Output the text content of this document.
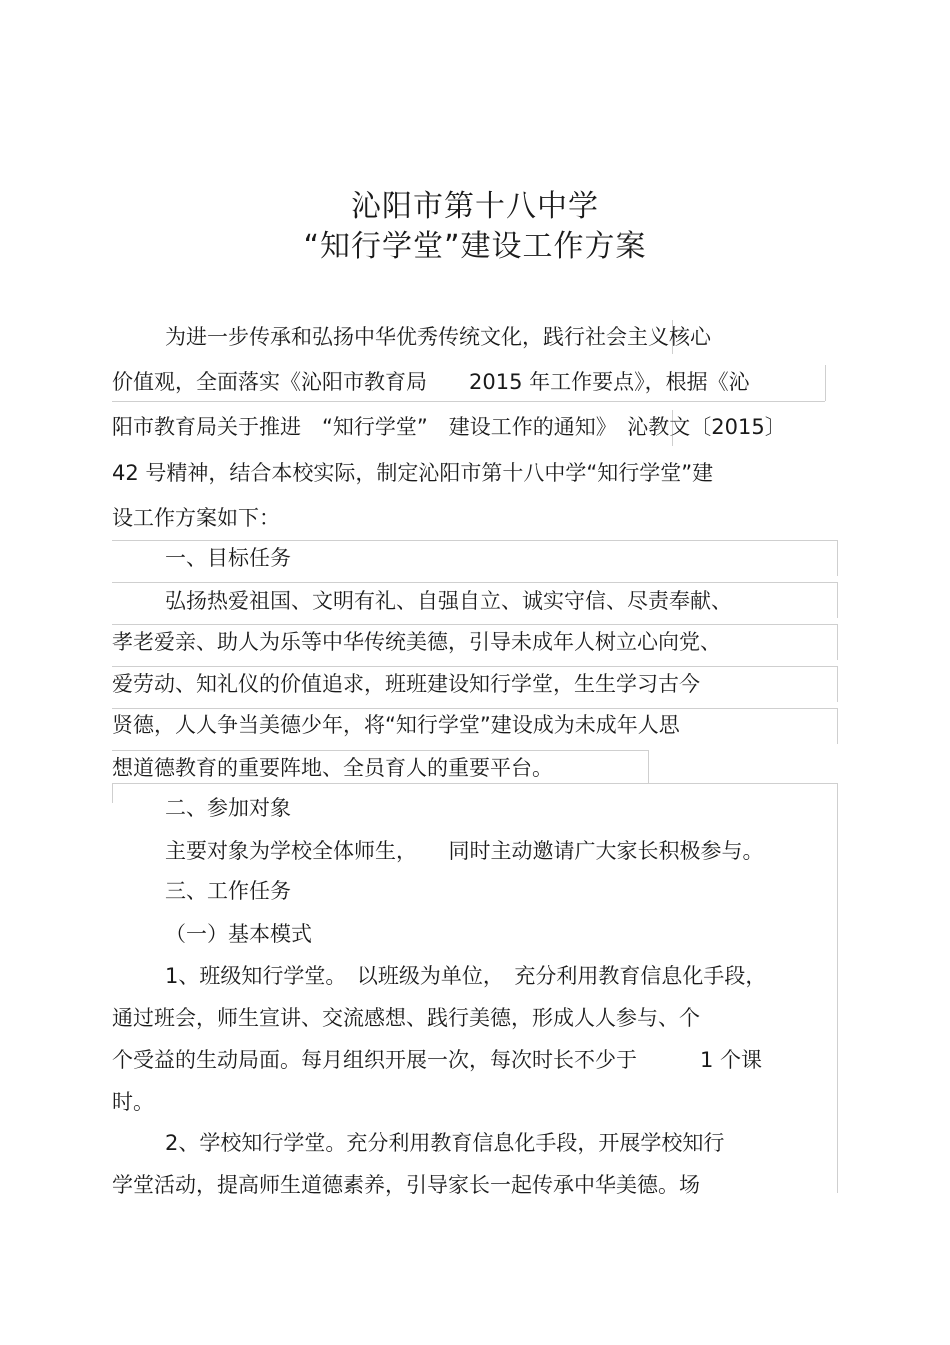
沁阳市第十八中学
“知行学堂”建设工作方案
为进一步传承和弘扬中华优秀传统文化，践行社会主义核心
价值观，全面落实《沁阳市教育局　　2015 年工作要点》，根据《沁
阳市教育局关于推进　“知行学堂”　建设工作的通知》　沁教文〔2015〕
42 号精神，结合本校实际，制定沁阳市第十八中学“知行学堂”建
设工作方案如下：
一、目标任务
弘扬热爱祖国、文明有礼、自强自立、诚实守信、尽责奉献、
孝老爱亲、助人为乐等中华传统美德，引导未成年人树立心向党、
爱劳动、知礼仪的价值追求，班班建设知行学堂，生生学习古今
贤德，人人争当美德少年，将“知行学堂”建设成为未成年人思
想道德教育的重要阵地、全员育人的重要平台。
二、参加对象
主要对象为学校全体师生，　　同时主动邀请广大家长积极参与。
三、工作任务
（一）基本模式
1、班级知行学堂。　以班级为单位，　充分利用教育信息化手段，
通过班会，师生宣讲、交流感想、践行美德，形成人人参与、个
个受益的生动局面。每月组织开展一次，每次时长不少于　　　1 个课
时。
2、学校知行学堂。充分利用教育信息化手段，开展学校知行
学堂活动，提高师生道德素养，引导家长一起传承中华美德。场
